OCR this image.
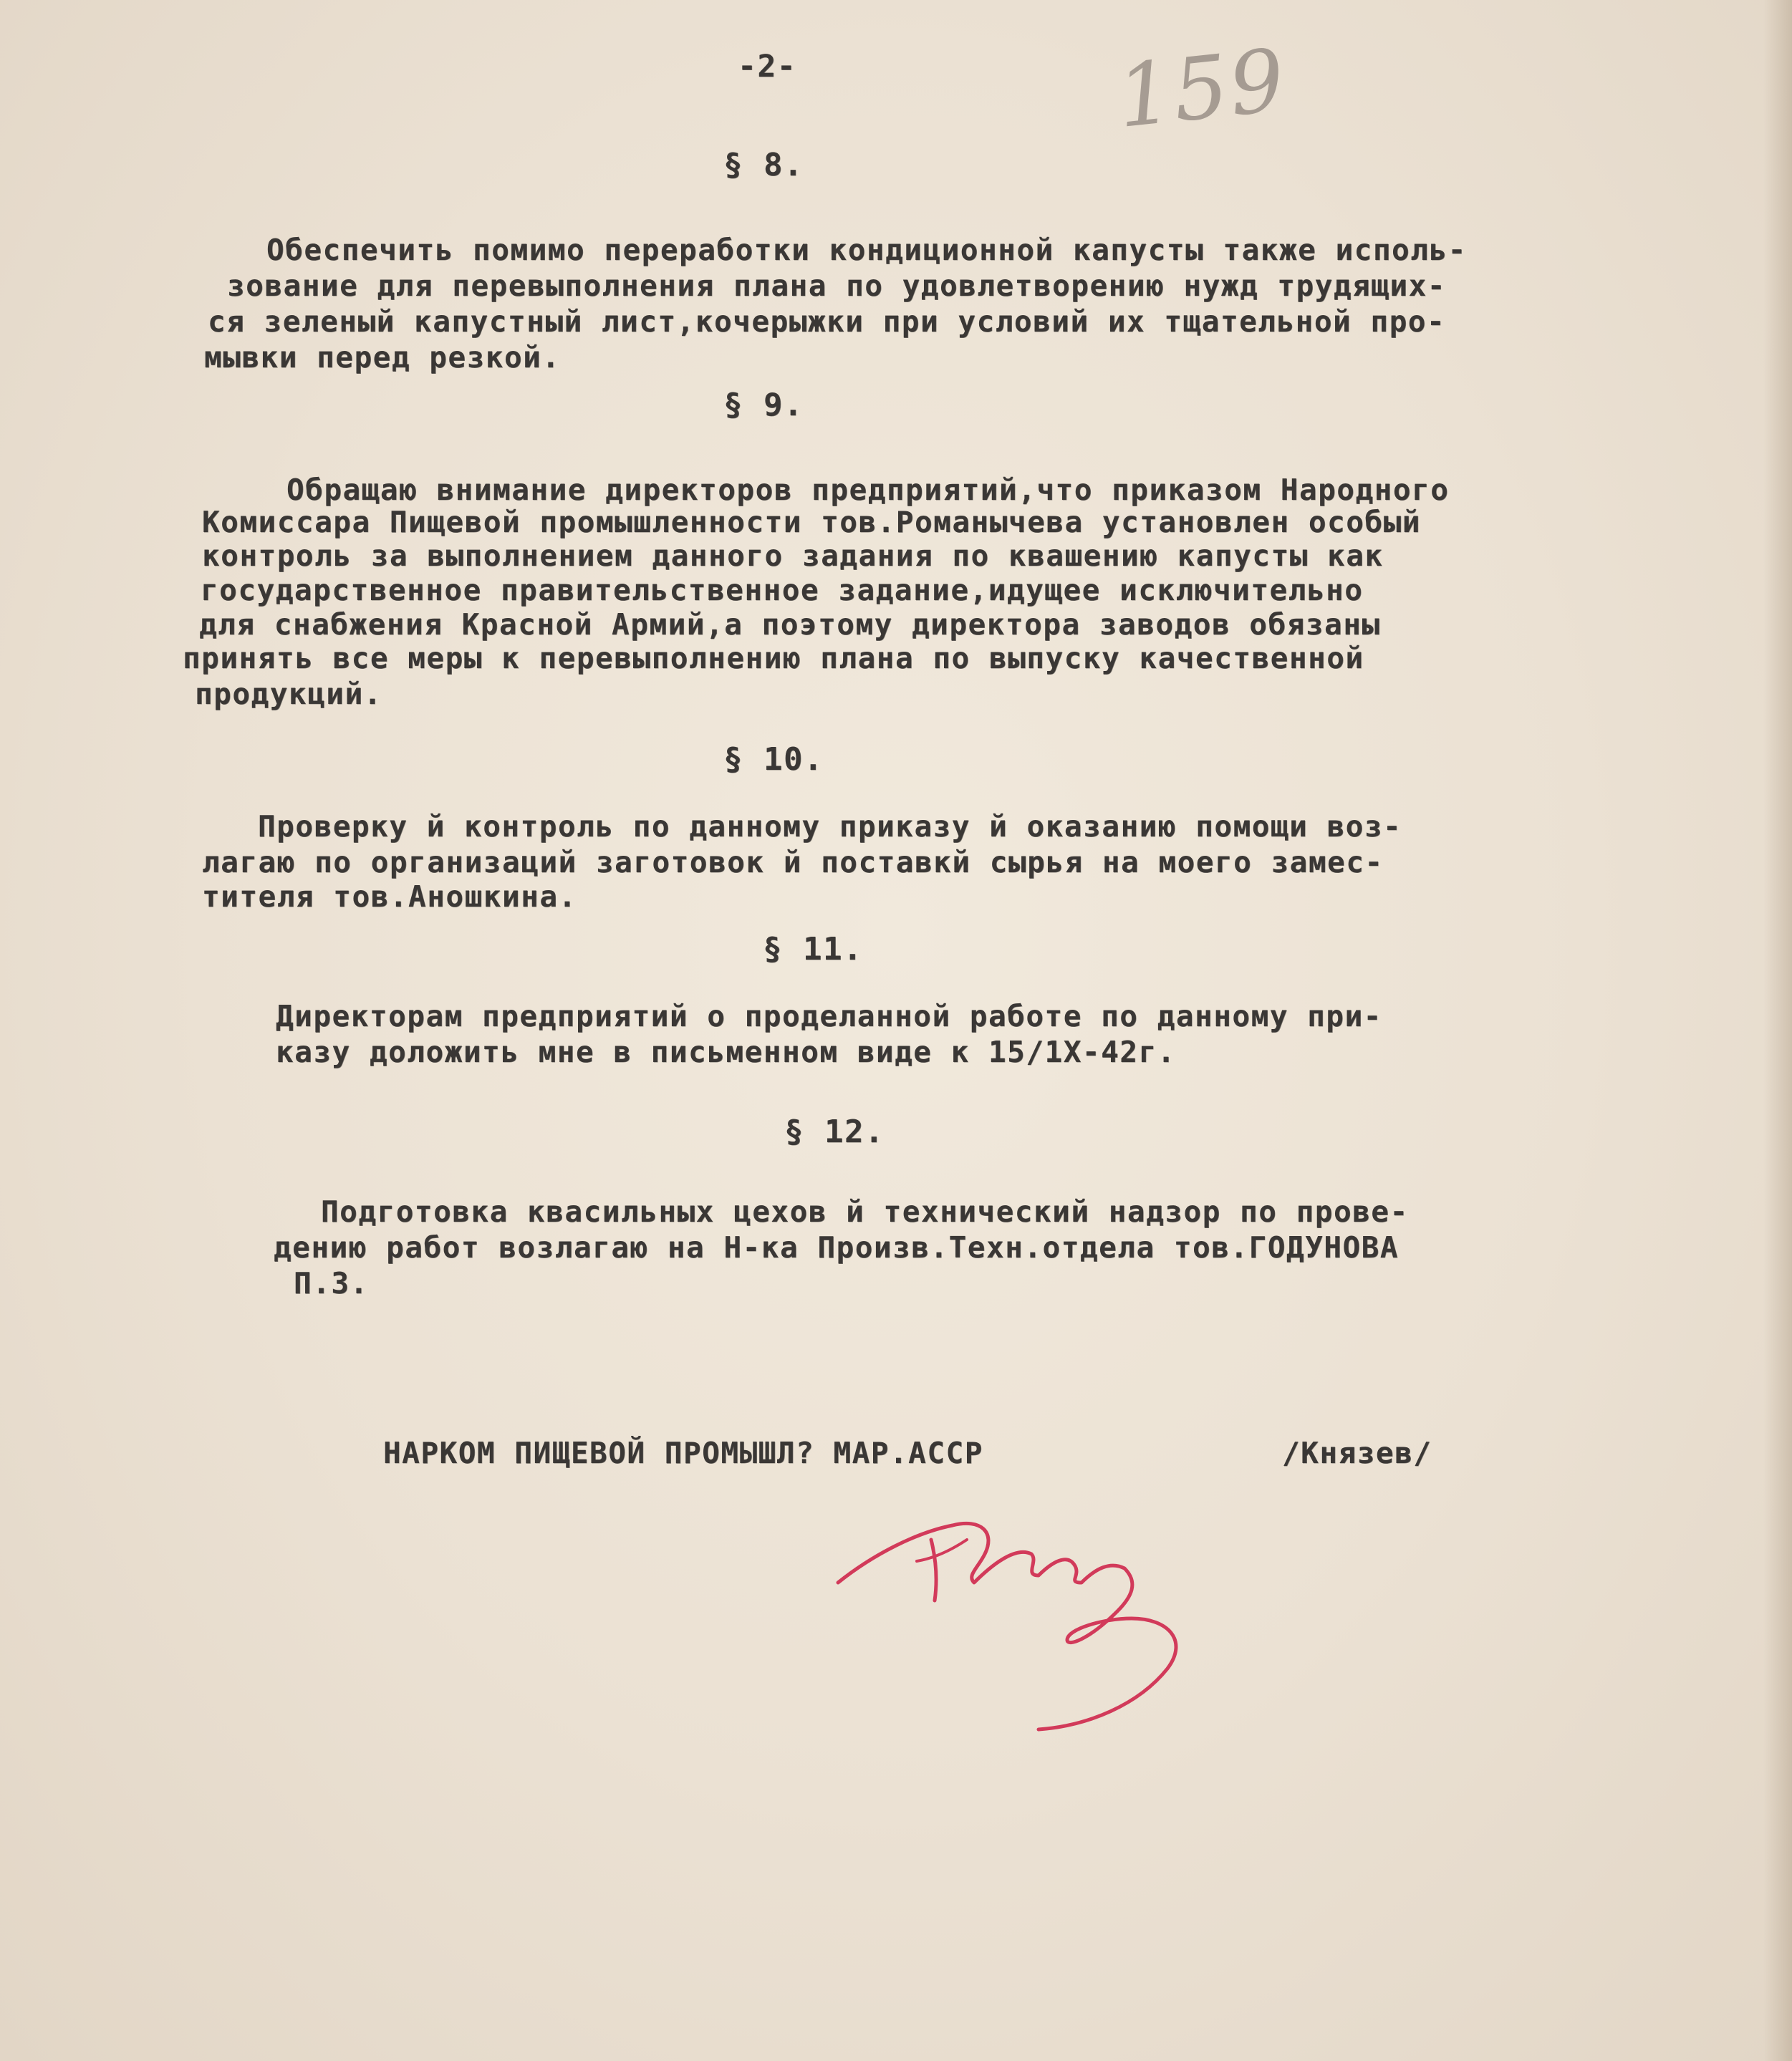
-2-	159
§ 8.
Обеспечить помимо переработки кондиционной капусты также исполь-
зование для перевыполнения плана по удовлетворению нужд трудящих-
ся зеленый капустный лист,кочерыжки при условий их тщательной про-
мывки перед резкой.
§ 9.
Обращаю внимание директоров предприятий,что приказом Народного
Комиссара Пищевой промышленности тов.Романычева установлен особый
контроль за выполнением данного задания по квашению капусты как
государственное правительственное задание,идущее исключительно
для снабжения Красной Армий,а поэтому директора заводов обязаны
принять все меры к перевыполнению плана по выпуску качественной
продукций.
§ 10.
Проверку й контроль по данному приказу й оказанию помощи воз-
лагаю по организаций заготовок й поставкй сырья на моего замес-
тителя тов.Аношкина.
§ 11.
Директорам предприятий о проделанной работе по данному при-
казу доложить мне в письменном виде к 15/1Х-42г.
§ 12.
Подготовка квасильных цехов й технический надзор по прове-
дению работ возлагаю на Н-ка Произв.Техн.отдела тов.ГОДУНОВА
П.З.
НАРКОМ ПИЩЕВОЙ ПРОМЫШЛ? МАР.АССР	/Князев/
